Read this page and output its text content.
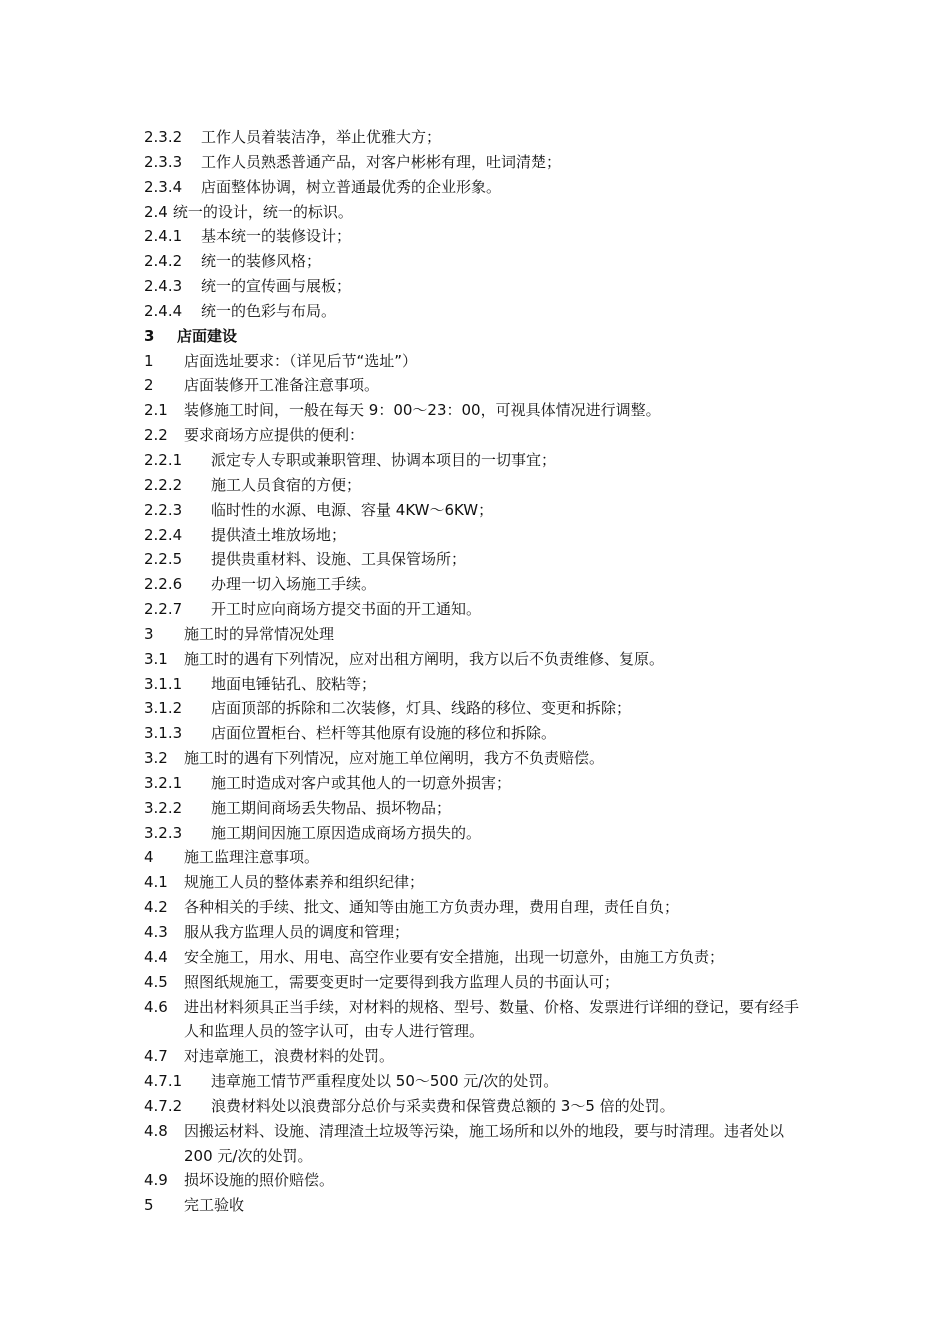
2.3.2	工作人员着装洁净，举止优雅大方；
2.3.3	工作人员熟悉普通产品，对客户彬彬有理，吐词清楚；
2.3.4	店面整体协调，树立普通最优秀的企业形象。
2.4 统一的设计，统一的标识。
2.4.1	基本统一的装修设计；
2.4.2	统一的装修风格；
2.4.3	统一的宣传画与展板；
2.4.4	统一的色彩与布局。
3	店面建设
1	店面选址要求：（详见后节“选址”）
2	店面装修开工准备注意事项。
2.1	装修施工时间，一般在每天 9：00～23：00，可视具体情况进行调整。
2.2	要求商场方应提供的便利：
2.2.1	派定专人专职或兼职管理、协调本项目的一切事宜；
2.2.2	施工人员食宿的方便；
2.2.3	临时性的水源、电源、容量 4KW～6KW；
2.2.4	提供渣土堆放场地；
2.2.5	提供贵重材料、设施、工具保管场所；
2.2.6	办理一切入场施工手续。
2.2.7	开工时应向商场方提交书面的开工通知。
3	施工时的异常情况处理
3.1	施工时的遇有下列情况，应对出租方阐明，我方以后不负责维修、复原。
3.1.1	地面电锤钻孔、胶粘等；
3.1.2	店面顶部的拆除和二次装修，灯具、线路的移位、变更和拆除；
3.1.3	店面位置柜台、栏杆等其他原有设施的移位和拆除。
3.2	施工时的遇有下列情况，应对施工单位阐明，我方不负责赔偿。
3.2.1	施工时造成对客户或其他人的一切意外损害；
3.2.2	施工期间商场丢失物品、损坏物品；
3.2.3	施工期间因施工原因造成商场方损失的。
4	施工监理注意事项。
4.1	规施工人员的整体素养和组织纪律；
4.2	各种相关的手续、批文、通知等由施工方负责办理，费用自理，责任自负；
4.3	服从我方监理人员的调度和管理；
4.4	安全施工，用水、用电、高空作业要有安全措施，出现一切意外，由施工方负责；
4.5	照图纸规施工，需要变更时一定要得到我方监理人员的书面认可；
4.6	进出材料须具正当手续，对材料的规格、型号、数量、价格、发票进行详细的登记，要有经手人和监理人员的签字认可，由专人进行管理。
4.7	对违章施工，浪费材料的处罚。
4.7.1	违章施工情节严重程度处以 50～500 元/次的处罚。
4.7.2	浪费材料处以浪费部分总价与采卖费和保管费总额的 3～5 倍的处罚。
4.8	因搬运材料、设施、清理渣土垃圾等污染，施工场所和以外的地段，要与时清理。违者处以 200 元/次的处罚。
4.9	损坏设施的照价赔偿。
5	完工验收
